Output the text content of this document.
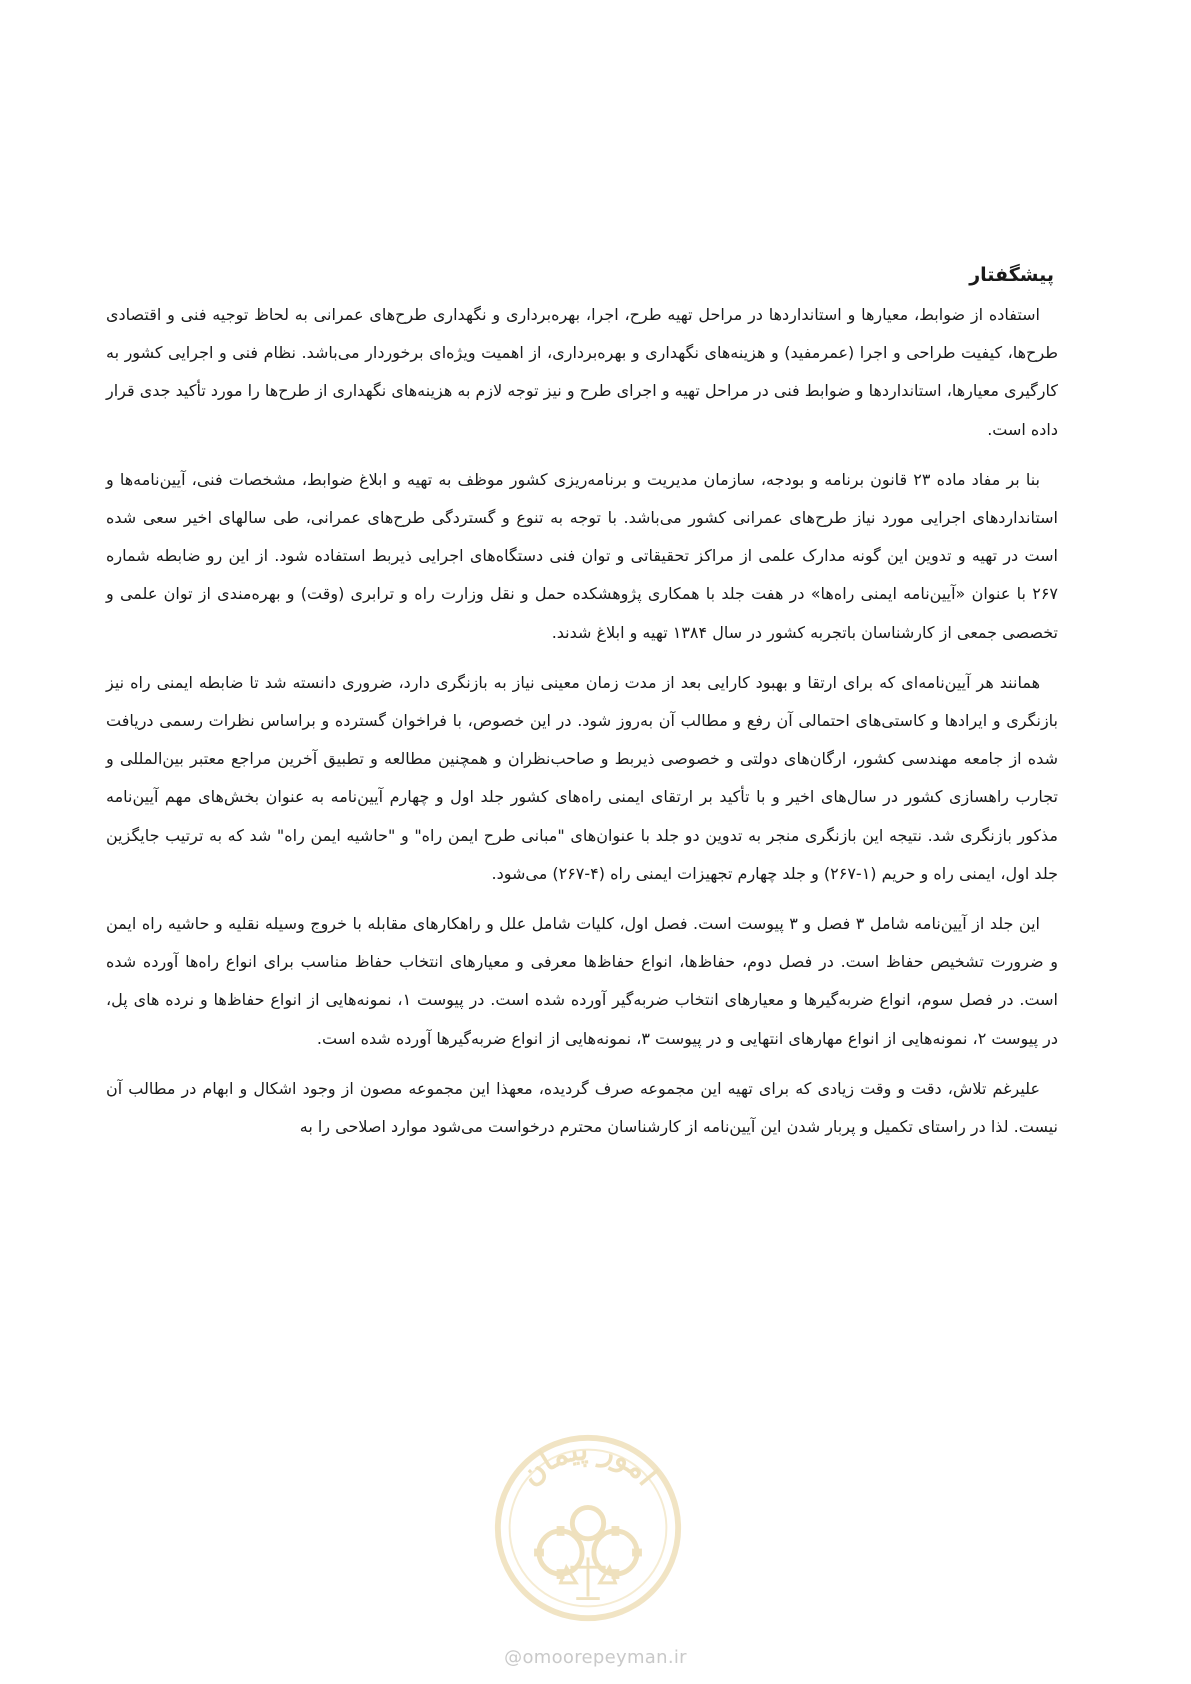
پیشگفتار

استفاده از ضوابط، معیارها و استانداردها در مراحل تهیه طرح، اجرا، بهره‌برداری و نگهداری طرح‌های عمرانی به لحاظ توجیه فنی و اقتصادی طرح‌ها، کیفیت طراحی و اجرا (عمرمفید) و هزینه‌های نگهداری و بهره‌برداری، از اهمیت ویژه‌ای برخوردار می‌باشد. نظام فنی و اجرایی کشور به کارگیری معیارها، استانداردها و ضوابط فنی در مراحل تهیه و اجرای طرح و نیز توجه لازم به هزینه‌های نگهداری از طرح‌ها را مورد تأکید جدی قرار داده است.

بنا بر مفاد ماده ۲۳ قانون برنامه و بودجه، سازمان مدیریت و برنامه‌ریزی کشور موظف به تهیه و ابلاغ ضوابط، مشخصات فنی، آیین‌نامه‌ها و استانداردهای اجرایی مورد نیاز طرح‌های عمرانی کشور می‌باشد. با توجه به تنوع و گستردگی طرح‌های عمرانی، طی سالهای اخیر سعی شده است در تهیه و تدوین این گونه مدارک علمی از مراکز تحقیقاتی و توان فنی دستگاه‌های اجرایی ذیربط استفاده شود. از این رو ضابطه شماره ۲۶۷ با عنوان «آیین‌نامه ایمنی راه‌ها» در هفت جلد با همکاری پژوهشکده حمل و نقل وزارت راه و ترابری (وقت) و بهره‌مندی از توان علمی و تخصصی جمعی از کارشناسان باتجربه کشور در سال ۱۳۸۴ تهیه و ابلاغ شدند.

همانند هر آیین‌نامه‌ای که برای ارتقا و بهبود کارایی بعد از مدت زمان معینی نیاز به بازنگری دارد، ضروری دانسته شد تا ضابطه ایمنی راه نیز بازنگری و ایرادها و کاستی‌های احتمالی آن رفع و مطالب آن به‌روز شود. در این خصوص، با فراخوان گسترده و براساس نظرات رسمی دریافت شده از جامعه مهندسی کشور، ارگان‌های دولتی و خصوصی ذیربط و صاحب‌نظران و همچنین مطالعه و تطبیق آخرین مراجع معتبر بین‌المللی و تجارب راهسازی کشور در سال‌های اخیر و با تأکید بر ارتقای ایمنی راه‌های کشور جلد اول و چهارم آیین‌نامه به عنوان بخش‌های مهم آیین‌نامه مذکور بازنگری شد. نتیجه این بازنگری منجر به تدوین دو جلد با عنوان‌های "مبانی طرح ایمن راه" و "حاشیه ایمن راه" شد که به ترتیب جایگزین جلد اول، ایمنی راه و حریم (۱-۲۶۷) و جلد چهارم تجهیزات ایمنی راه (۴-۲۶۷) می‌شود.

این جلد از آیین‌نامه شامل ۳ فصل و ۳ پیوست است. فصل اول، کلیات شامل علل و راهکارهای مقابله با خروج وسیله نقلیه و حاشیه راه ایمن و ضرورت تشخیص حفاظ است. در فصل دوم، حفاظ‌ها، انواع حفاظ‌ها معرفی و معیارهای انتخاب حفاظ مناسب برای انواع راه‌ها آورده شده است. در فصل سوم، انواع ضربه‌گیرها و معیارهای انتخاب ضربه‌گیر آورده شده است. در پیوست ۱، نمونه‌هایی از انواع حفاظ‌ها و نرده های پل، در پیوست ۲، نمونه‌هایی از انواع مهارهای انتهایی و در پیوست ۳، نمونه‌هایی از انواع ضربه‌گیرها آورده شده است.

علیرغم تلاش، دقت و وقت زیادی که برای تهیه این مجموعه صرف گردیده، معهذا این مجموعه مصون از وجود اشکال و ابهام در مطالب آن نیست. لذا در راستای تکمیل و پربار شدن این آیین‌نامه از کارشناسان محترم درخواست می‌شود موارد اصلاحی را به

امور پیمان
@omoorepeyman.ir
